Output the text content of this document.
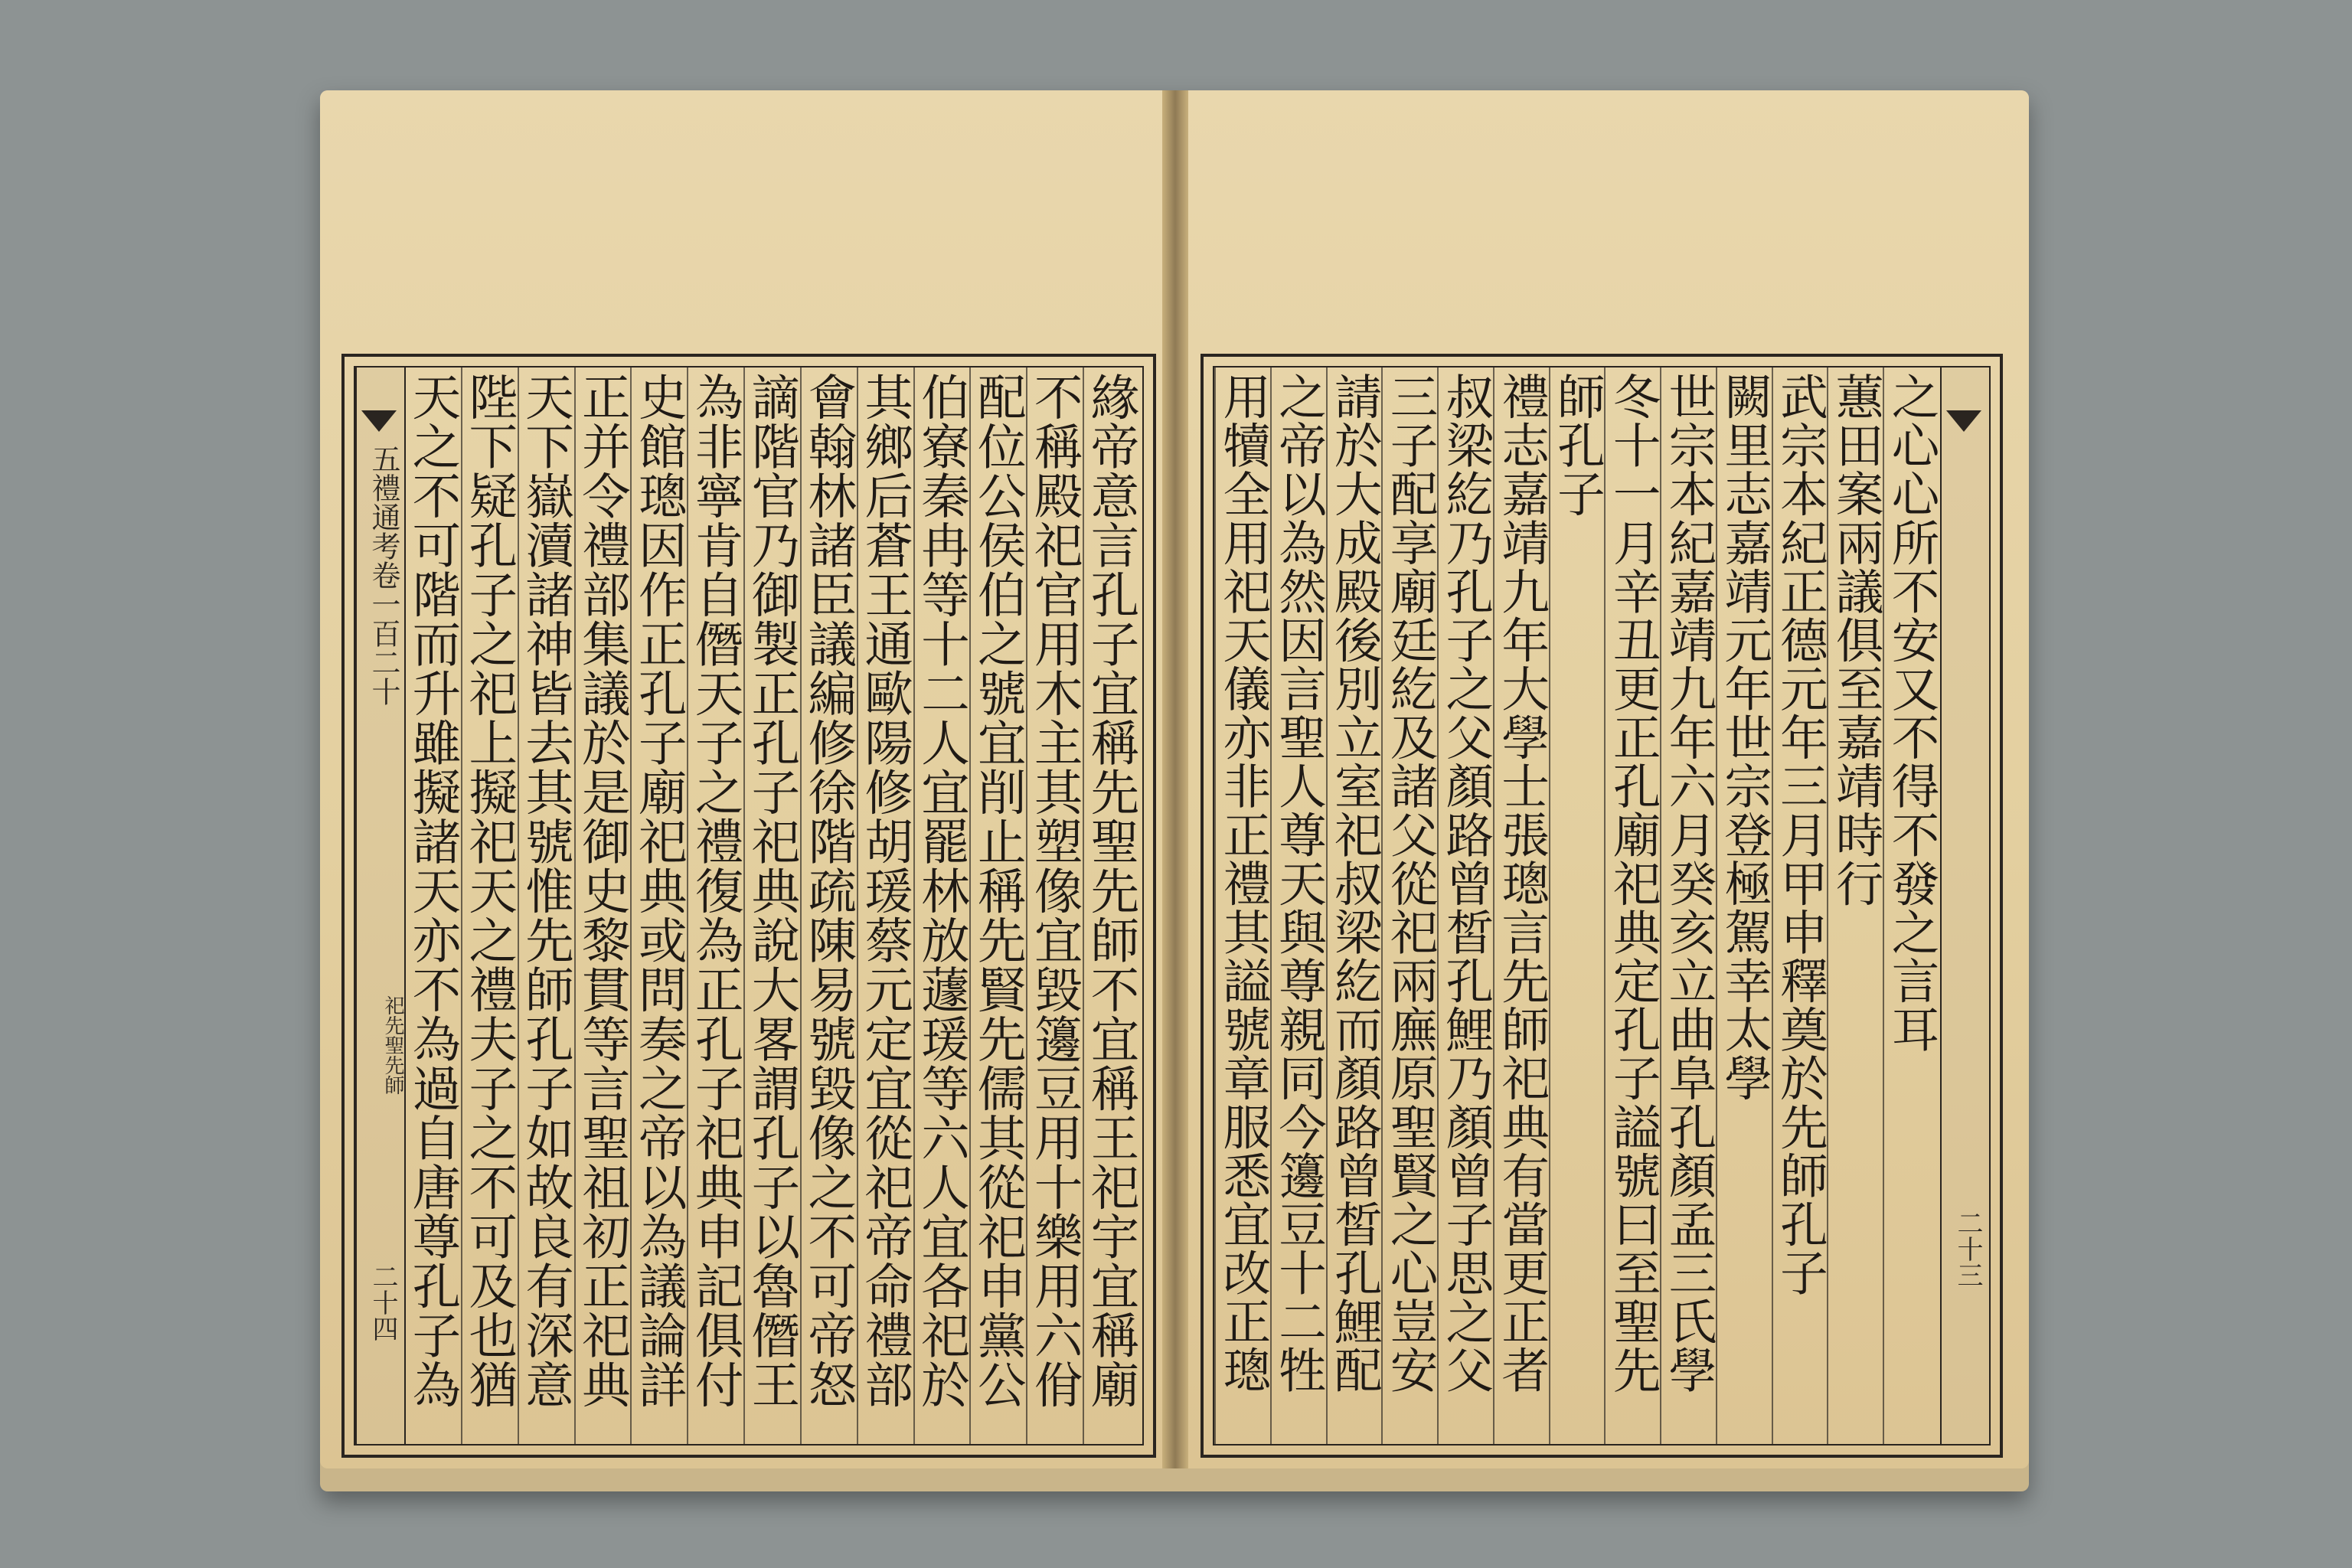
五禮通考卷一百二十
祀先聖先師
二十四	緣帝意言孔子宜稱先聖先師不宜稱王祀宇宜稱廟
不稱殿祀官用木主其塑像宜毀籩豆用十樂用六佾
配位公侯伯之號宜削止稱先賢先儒其從祀申黨公
伯寮秦冉等十二人宜罷林放蘧瑗等六人宜各祀於
其鄉后蒼王通歐陽修胡瑗蔡元定宜從祀帝命禮部
會翰林諸臣議編修徐階疏陳易號毀像之不可帝怒
謫階官乃御製正孔子祀典說大畧謂孔子以魯僭王
為非寧肯自僭天子之禮復為正孔子祀典申記俱付
史館璁因作正孔子廟祀典或問奏之帝以為議論詳
正并令禮部集議於是御史黎貫等言聖祖初正祀典
天下嶽瀆諸神皆去其號惟先師孔子如故良有深意
陛下疑孔子之祀上擬祀天之禮夫子之不可及也猶
天之不可階而升雖擬諸天亦不為過自唐尊孔子為	之心心所不安又不得不發之言耳
蕙田案兩議俱至嘉靖時行
武宗本紀正德元年三月甲申釋奠於先師孔子
闕里志嘉靖元年世宗登極駕幸太學
世宗本紀嘉靖九年六月癸亥立曲阜孔顏孟三氏學
冬十一月辛丑更正孔廟祀典定孔子謚號曰至聖先
師孔子
禮志嘉靖九年大學士張璁言先師祀典有當更正者
叔梁紇乃孔子之父顏路曾皙孔鯉乃顏曾子思之父
三子配享廟廷紇及諸父從祀兩廡原聖賢之心豈安
請於大成殿後別立室祀叔梁紇而顏路曾皙孔鯉配
之帝以為然因言聖人尊天與尊親同今籩豆十二牲
用犢全用祀天儀亦非正禮其謚號章服悉宜改正璁	二十三
